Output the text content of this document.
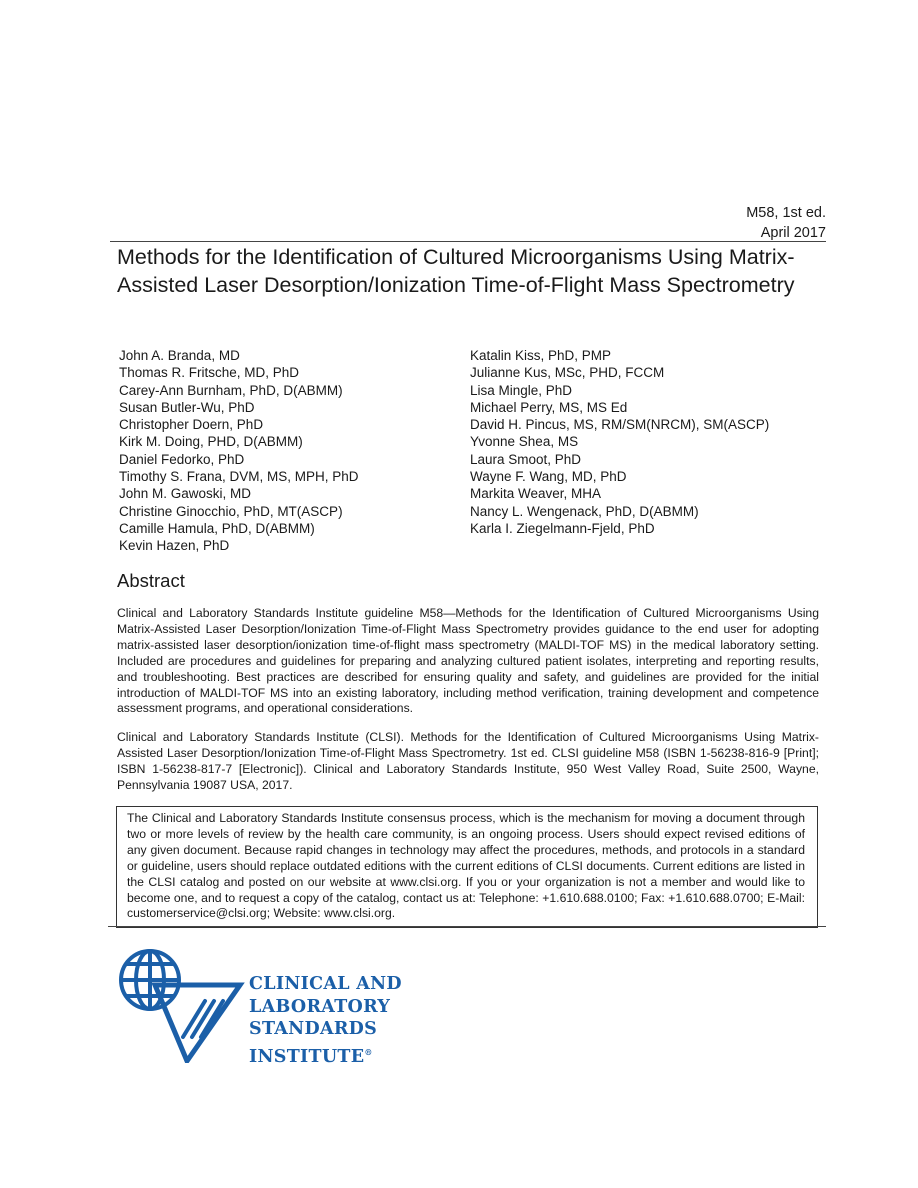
M58, 1st ed.
April 2017
Methods for the Identification of Cultured Microorganisms Using Matrix-Assisted Laser Desorption/Ionization Time-of-Flight Mass Spectrometry
John A. Branda, MD
Thomas R. Fritsche, MD, PhD
Carey-Ann Burnham, PhD, D(ABMM)
Susan Butler-Wu, PhD
Christopher Doern, PhD
Kirk M. Doing, PHD, D(ABMM)
Daniel Fedorko, PhD
Timothy S. Frana, DVM, MS, MPH, PhD
John M. Gawoski, MD
Christine Ginocchio, PhD, MT(ASCP)
Camille Hamula, PhD, D(ABMM)
Kevin Hazen, PhD
Katalin Kiss, PhD, PMP
Julianne Kus, MSc, PHD, FCCM
Lisa Mingle, PhD
Michael Perry, MS, MS Ed
David H. Pincus, MS, RM/SM(NRCM), SM(ASCP)
Yvonne Shea, MS
Laura Smoot, PhD
Wayne F. Wang, MD, PhD
Markita Weaver, MHA
Nancy L. Wengenack, PhD, D(ABMM)
Karla I. Ziegelmann-Fjeld, PhD
Abstract

Clinical and Laboratory Standards Institute guideline M58—Methods for the Identification of Cultured Microorganisms Using Matrix-Assisted Laser Desorption/Ionization Time-of-Flight Mass Spectrometry provides guidance to the end user for adopting matrix-assisted laser desorption/ionization time-of-flight mass spectrometry (MALDI-TOF MS) in the medical laboratory setting. Included are procedures and guidelines for preparing and analyzing cultured patient isolates, interpreting and reporting results, and troubleshooting. Best practices are described for ensuring quality and safety, and guidelines are provided for the initial introduction of MALDI-TOF MS into an existing laboratory, including method verification, training development and competence assessment programs, and operational considerations.

Clinical and Laboratory Standards Institute (CLSI). Methods for the Identification of Cultured Microorganisms Using Matrix-Assisted Laser Desorption/Ionization Time-of-Flight Mass Spectrometry. 1st ed. CLSI guideline M58 (ISBN 1-56238-816-9 [Print]; ISBN 1-56238-817-7 [Electronic]). Clinical and Laboratory Standards Institute, 950 West Valley Road, Suite 2500, Wayne, Pennsylvania 19087 USA, 2017.

The Clinical and Laboratory Standards Institute consensus process, which is the mechanism for moving a document through two or more levels of review by the health care community, is an ongoing process. Users should expect revised editions of any given document. Because rapid changes in technology may affect the procedures, methods, and protocols in a standard or guideline, users should replace outdated editions with the current editions of CLSI documents. Current editions are listed in the CLSI catalog and posted on our website at www.clsi.org. If you or your organization is not a member and would like to become one, and to request a copy of the catalog, contact us at: Telephone: +1.610.688.0100; Fax: +1.610.688.0700; E-Mail: customerservice@clsi.org; Website: www.clsi.org.
CLINICAL AND
LABORATORY
STANDARDS
INSTITUTE®
